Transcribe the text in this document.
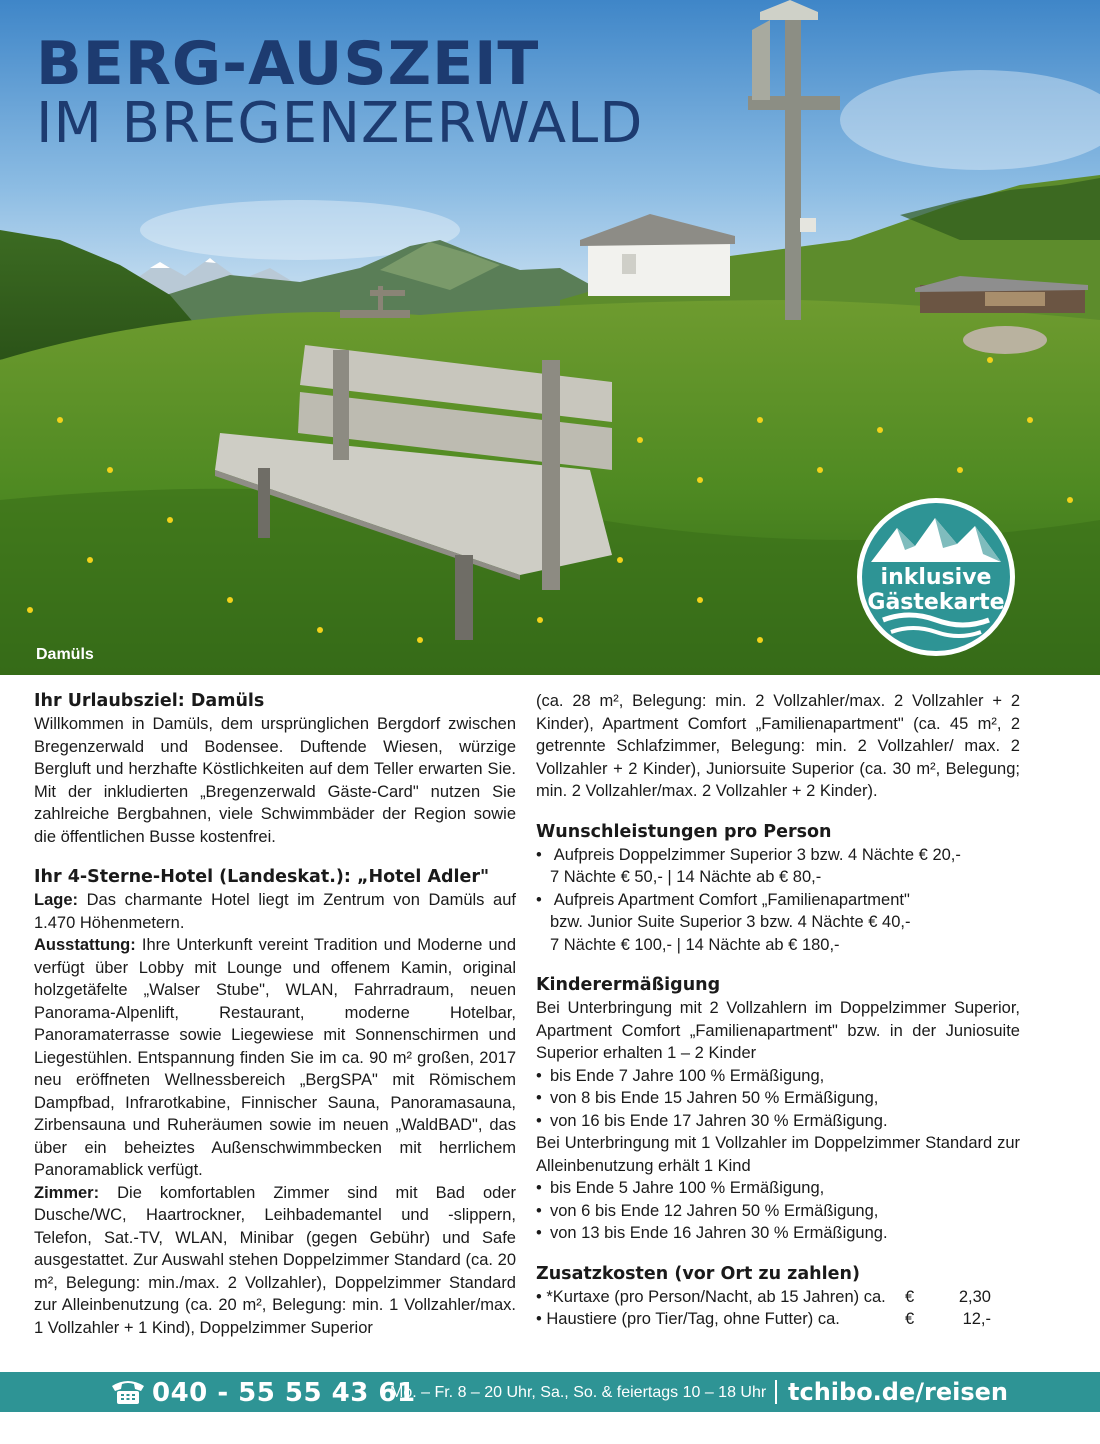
BERG-AUSZEIT
IM BREGENZERWALD
Damüls
inklusive
Gästekarte
Ihr Urlaubsziel: Damüls

Willkommen in Damüls, dem ursprünglichen Bergdorf zwischen Bregenzerwald und Bodensee. Duftende Wiesen, würzige Bergluft und herzhafte Köstlichkeiten auf dem Teller erwarten Sie. Mit der inkludierten „Bregenzerwald Gäste-Card" nutzen Sie zahlreiche Bergbahnen, viele Schwimmbäder der Region sowie die öffentlichen Busse kostenfrei.

Ihr 4-Sterne-Hotel (Landeskat.): „Hotel Adler"

Lage: Das charmante Hotel liegt im Zentrum von Damüls auf 1.470 Höhenmetern.

Ausstattung: Ihre Unterkunft vereint Tradition und Moderne und verfügt über Lobby mit Lounge und offenem Kamin, original holzgetäfelte „Walser Stube", WLAN, Fahrradraum, neuen Panorama-Alpenlift, Restaurant, moderne Hotelbar, Panoramaterrasse sowie Liegewiese mit Sonnenschirmen und Liegestühlen. Entspannung finden Sie im ca. 90 m² großen, 2017 neu eröffneten Wellnessbereich „BergSPA" mit Römischem Dampfbad, Infrarotkabine, Finnischer Sauna, Panoramasauna, Zirbensauna und Ruheräumen sowie im neuen „WaldBAD", das über ein beheiztes Außenschwimmbecken mit herrlichem Panoramablick verfügt.

Zimmer: Die komfortablen Zimmer sind mit Bad oder Dusche/WC, Haartrockner, Leihbademantel und -slippern, Telefon, Sat.-TV, WLAN, Minibar (gegen Gebühr) und Safe ausgestattet. Zur Auswahl stehen Doppelzimmer Standard (ca. 20 m², Belegung: min./max. 2 Vollzahler), Doppelzimmer Standard zur Alleinbenutzung (ca. 20 m², Belegung: min. 1 Vollzahler/max. 1 Vollzahler + 1 Kind), Doppelzimmer Superior

(ca. 28 m², Belegung: min. 2 Vollzahler/max. 2 Vollzahler + 2 Kinder), Apartment Comfort „Familienapartment" (ca. 45 m², 2 getrennte Schlafzimmer, Belegung: min. 2 Vollzahler/ max. 2 Vollzahler + 2 Kinder), Juniorsuite Superior (ca. 30 m², Belegung; min. 2 Vollzahler/max. 2 Vollzahler + 2 Kinder).

Wunschleistungen pro Person
• Aufpreis Doppelzimmer Superior 3 bzw. 4 Nächte € 20,-
7 Nächte € 50,- | 14 Nächte ab € 80,-
• Aufpreis Apartment Comfort „Familienapartment"
bzw. Junior Suite Superior 3 bzw. 4 Nächte € 40,-
7 Nächte € 100,- | 14 Nächte ab € 180,-
Kinderermäßigung

Bei Unterbringung mit 2 Vollzahlern im Doppelzimmer Superior, Apartment Comfort „Familienapartment" bzw. in der Juniosuite Superior erhalten 1 – 2 Kinder

• bis Ende 7 Jahre 100 % Ermäßigung,
• von 8 bis Ende 15 Jahren 50 % Ermäßigung,
• von 16 bis Ende 17 Jahren 30 % Ermäßigung.

Bei Unterbringung mit 1 Vollzahler im Doppelzimmer Standard zur Alleinbenutzung erhält 1 Kind

• bis Ende 5 Jahre 100 % Ermäßigung,
• von 6 bis Ende 12 Jahren 50 % Ermäßigung,
• von 13 bis Ende 16 Jahren 30 % Ermäßigung.
Zusatzkosten (vor Ort zu zahlen)
• *Kurtaxe (pro Person/Nacht, ab 15 Jahren) ca.	€	2,30
• Haustiere (pro Tier/Tag, ohne Futter) ca.	€	12,-
040 - 55 55 43 61
Mo. – Fr. 8 – 20 Uhr, Sa., So. & feiertags 10 – 18 Uhr tchibo.de/reisen
